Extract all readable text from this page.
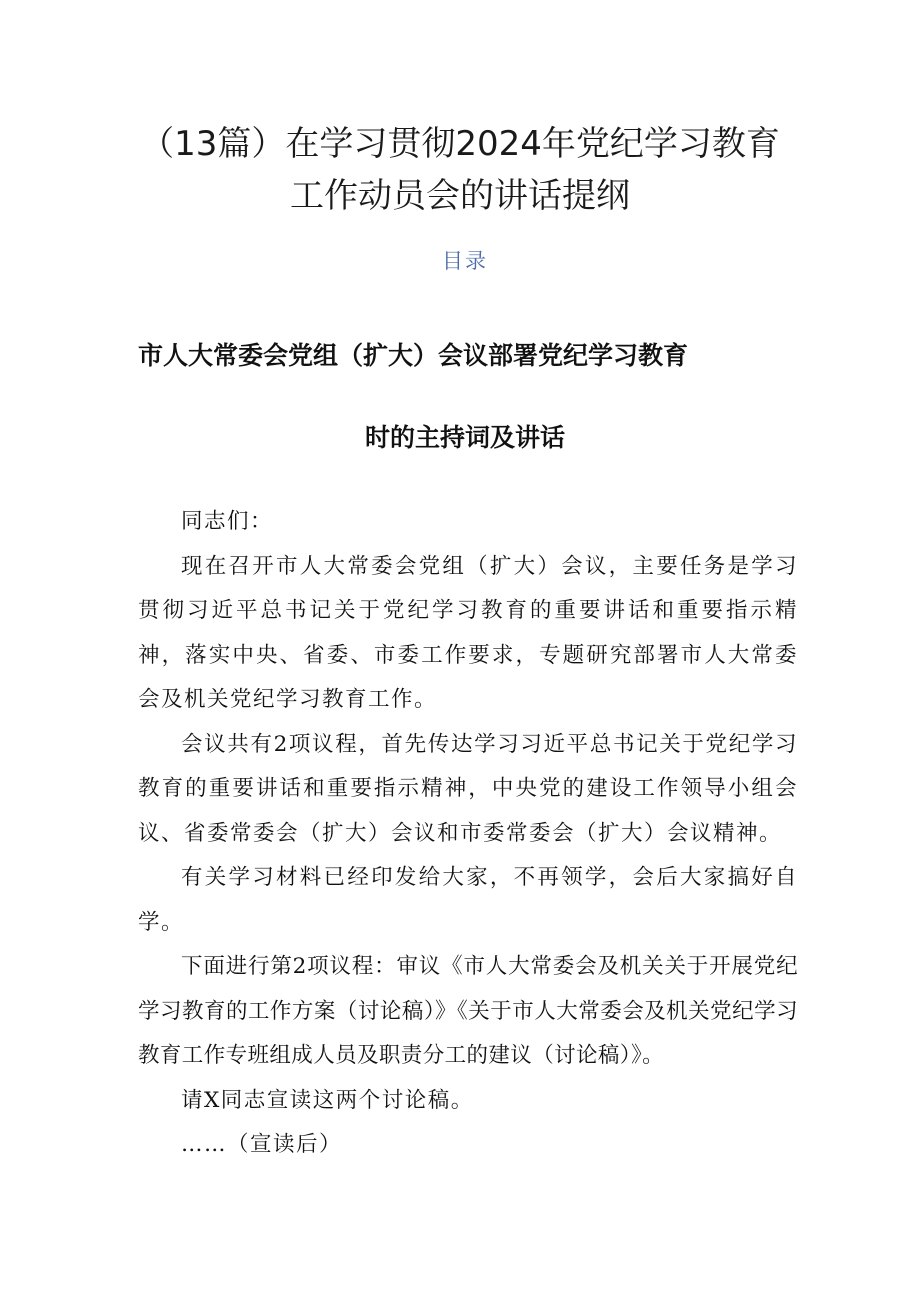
（13篇）在学习贯彻2024年党纪学习教育
工作动员会的讲话提纲
目录
市人大常委会党组（扩大）会议部署党纪学习教育
时的主持词及讲话

同志们：

现在召开市人大常委会党组（扩大）会议，主要任务是学习贯彻习近平总书记关于党纪学习教育的重要讲话和重要指示精神，落实中央、省委、市委工作要求，专题研究部署市人大常委会及机关党纪学习教育工作。

会议共有2项议程，首先传达学习习近平总书记关于党纪学习教育的重要讲话和重要指示精神，中央党的建设工作领导小组会议、省委常委会（扩大）会议和市委常委会（扩大）会议精神。

有关学习材料已经印发给大家，不再领学，会后大家搞好自学。

下面进行第2项议程：审议《市人大常委会及机关关于开展党纪学习教育的工作方案（讨论稿）》《关于市人大常委会及机关党纪学习教育工作专班组成人员及职责分工的建议（讨论稿）》。

请X同志宣读这两个讨论稿。

……（宣读后）
